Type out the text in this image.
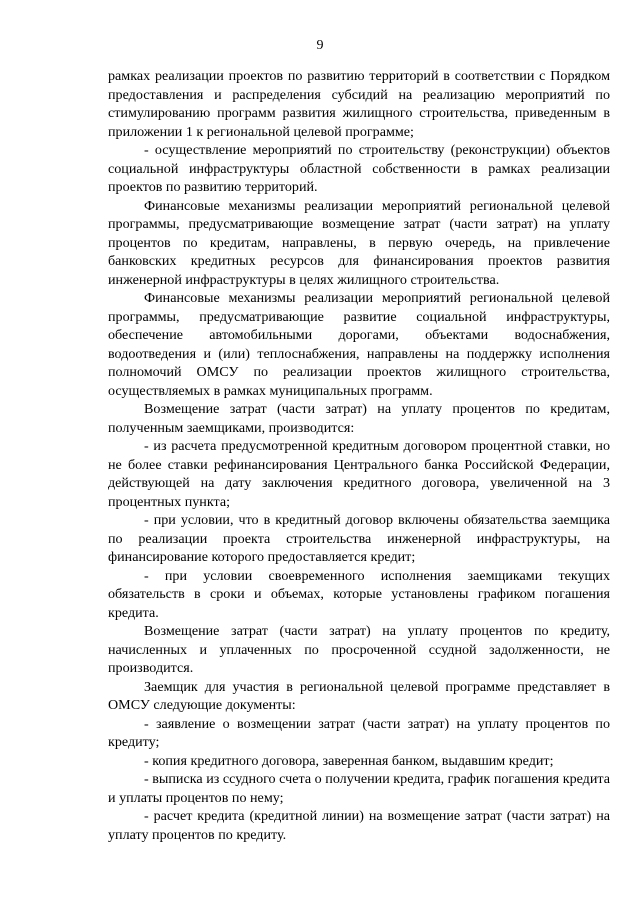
9

рамках реализации проектов по развитию территорий в соответствии с Порядком предоставления и распределения субсидий на реализацию мероприятий по стимулированию программ развития жилищного строительства, приведенным в приложении 1 к региональной целевой программе;

- осуществление мероприятий по строительству (реконструкции) объектов социальной инфраструктуры областной собственности в рамках реализации проектов по развитию территорий.

Финансовые механизмы реализации мероприятий региональной целевой программы, предусматривающие возмещение затрат (части затрат) на уплату процентов по кредитам, направлены, в первую очередь, на привлечение банковских кредитных ресурсов для финансирования проектов развития инженерной инфраструктуры в целях жилищного строительства.

Финансовые механизмы реализации мероприятий региональной целевой программы, предусматривающие развитие социальной инфраструктуры, обеспечение автомобильными дорогами, объектами водоснабжения, водоотведения и (или) теплоснабжения, направлены на поддержку исполнения полномочий ОМСУ по реализации проектов жилищного строительства, осуществляемых в рамках муниципальных программ.

Возмещение затрат (части затрат) на уплату процентов по кредитам, полученным заемщиками, производится:

- из расчета предусмотренной кредитным договором процентной ставки, но не более ставки рефинансирования Центрального банка Российской Федерации, действующей на дату заключения кредитного договора, увеличенной на 3 процентных пункта;

- при условии, что в кредитный договор включены обязательства заемщика по реализации проекта строительства инженерной инфраструктуры, на финансирование которого предоставляется кредит;

- при условии своевременного исполнения заемщиками текущих обязательств в сроки и объемах, которые установлены графиком погашения кредита.

Возмещение затрат (части затрат) на уплату процентов по кредиту, начисленных и уплаченных по просроченной ссудной задолженности, не производится.

Заемщик для участия в региональной целевой программе представляет в ОМСУ следующие документы:

- заявление о возмещении затрат (части затрат) на уплату процентов по кредиту;

- копия кредитного договора, заверенная банком, выдавшим кредит;

- выписка из ссудного счета о получении кредита, график погашения кредита и уплаты процентов по нему;

- расчет кредита (кредитной линии) на возмещение затрат (части затрат) на уплату процентов по кредиту.
